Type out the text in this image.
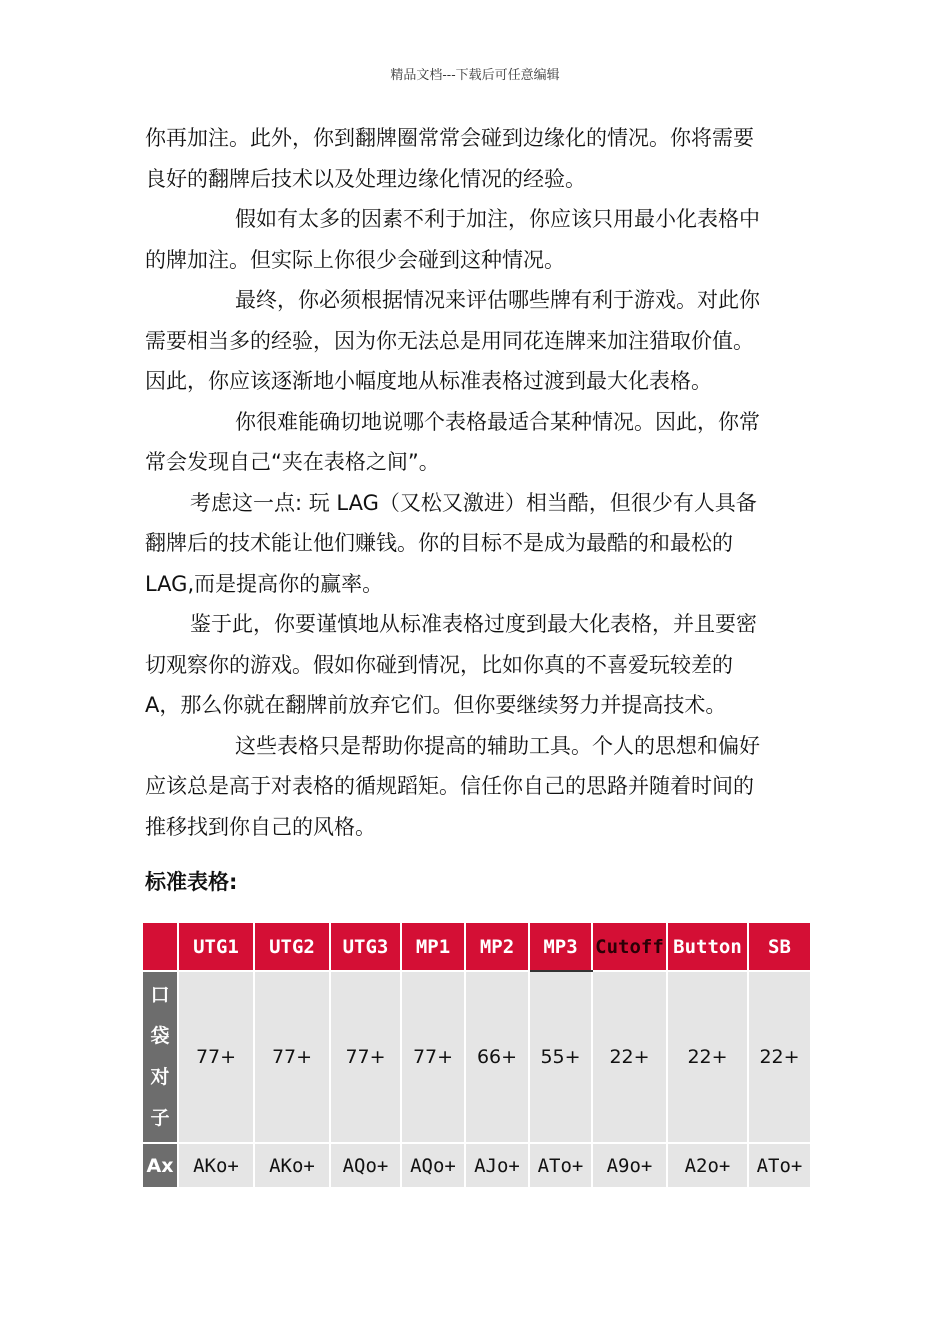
精品文档---下载后可任意编辑
你再加注。此外，你到翻牌圈常常会碰到边缘化的情况。你将需要
良好的翻牌后技术以及处理边缘化情况的经验。
假如有太多的因素不利于加注，你应该只用最小化表格中
的牌加注。但实际上你很少会碰到这种情况。
最终，你必须根据情况来评估哪些牌有利于游戏。对此你
需要相当多的经验，因为你无法总是用同花连牌来加注猎取价值。
因此，你应该逐渐地小幅度地从标准表格过渡到最大化表格。
你很难能确切地说哪个表格最适合某种情况。因此，你常
常会发现自己“夹在表格之间”。
考虑这一点: 玩 LAG（又松又激进）相当酷，但很少有人具备
翻牌后的技术能让他们赚钱。你的目标不是成为最酷的和最松的
LAG,而是提高你的赢率。
鉴于此，你要谨慎地从标准表格过度到最大化表格，并且要密
切观察你的游戏。假如你碰到情况，比如你真的不喜爱玩较差的
A，那么你就在翻牌前放弃它们。但你要继续努力并提高技术。
这些表格只是帮助你提高的辅助工具。个人的思想和偏好
应该总是高于对表格的循规蹈矩。信任你自己的思路并随着时间的
推移找到你自己的风格。
标准表格:
	UTG1	UTG2	UTG3	MP1	MP2	MP3	Cutoff	Button	SB

口
袋
对
子	77+	77+	77+	77+	66+	55+	22+	22+	22+
Ax	AKo+	AKo+	AQo+	AQo+	AJo+	ATo+	A9o+	A2o+	ATo+
